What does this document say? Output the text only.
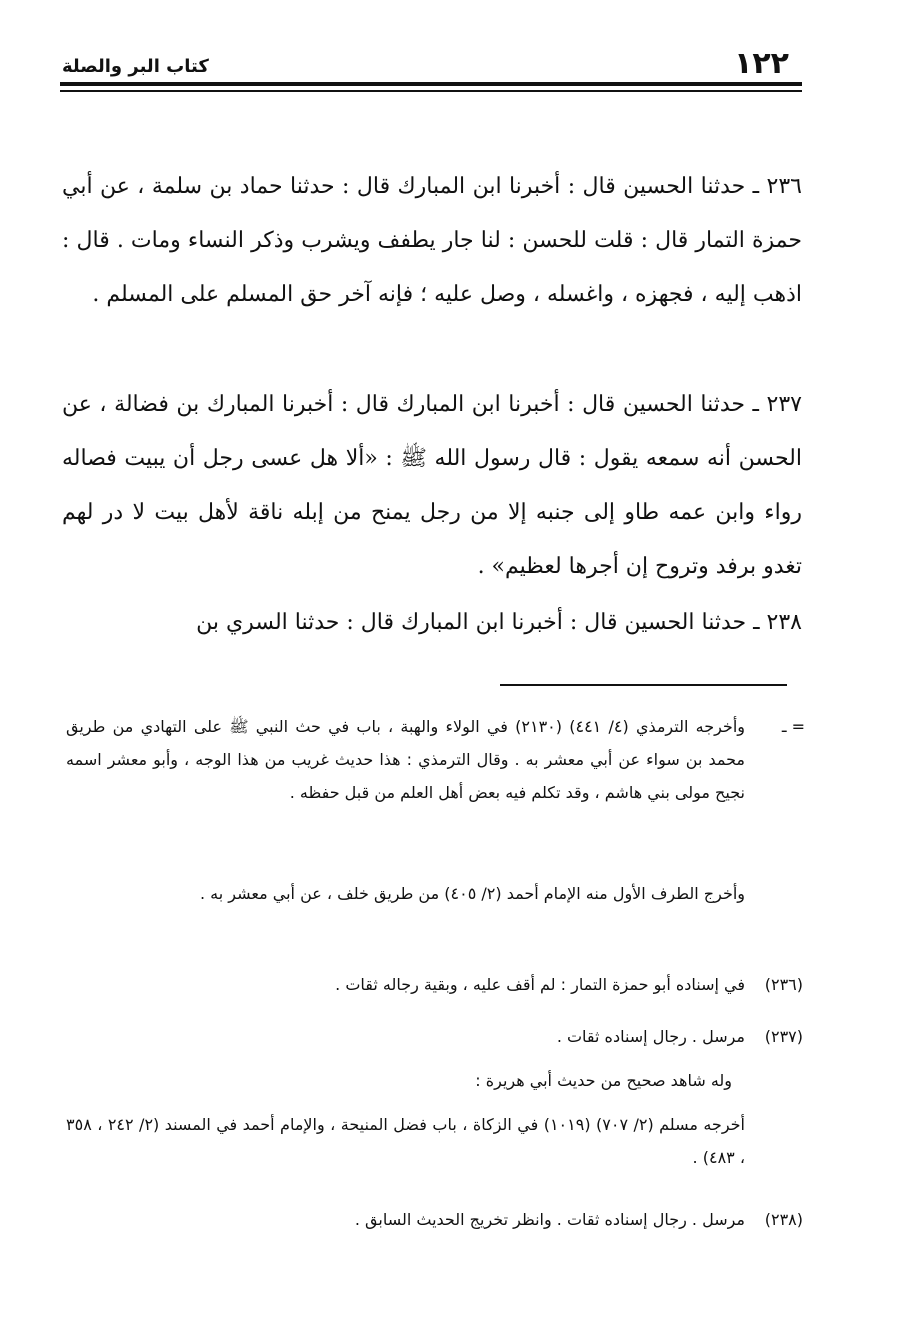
١٢٢
كتاب البر والصلة
٢٣٦ ـ حدثنا الحسين قال : أخبرنا ابن المبارك قال : حدثنا حماد بن سلمة ، عن أبي حمزة التمار قال : قلت للحسن : لنا جار يطفف ويشرب وذكر النساء ومات . قال : اذهب إليه ، فجهزه ، واغسله ، وصل عليه ؛ فإنه آخر حق المسلم على المسلم .
٢٣٧ ـ حدثنا الحسين قال : أخبرنا ابن المبارك قال : أخبرنا المبارك بن فضالة ، عن الحسن أنه سمعه يقول : قال رسول الله ﷺ : «ألا هل عسى رجل أن يبيت فصاله رواء وابن عمه طاو إلى جنبه إلا من رجل يمنح من إبله ناقة لأهل بيت لا در لهم تغدو برفد وتروح إن أجرها لعظيم» .
٢٣٨ ـ حدثنا الحسين قال : أخبرنا ابن المبارك قال : حدثنا السري بن
= ـ
وأخرجه الترمذي (٤/ ٤٤١) (٢١٣٠) في الولاء والهبة ، باب في حث النبي ﷺ على التهادي من طريق محمد بن سواء عن أبي معشر به . وقال الترمذي : هذا حديث غريب من هذا الوجه ، وأبو معشر اسمه نجيح مولى بني هاشم ، وقد تكلم فيه بعض أهل العلم من قبل حفظه .
وأخرج الطرف الأول منه الإمام أحمد (٢/ ٤٠٥) من طريق خلف ، عن أبي معشر به .
(٢٣٦)
في إسناده أبو حمزة التمار : لم أقف عليه ، وبقية رجاله ثقات .
(٢٣٧)
مرسل . رجال إسناده ثقات .
وله شاهد صحيح من حديث أبي هريرة :
أخرجه مسلم (٢/ ٧٠٧) (١٠١٩) في الزكاة ، باب فضل المنيحة ، والإمام أحمد في المسند (٢/ ٢٤٢ ، ٣٥٨ ، ٤٨٣) .
(٢٣٨)
مرسل . رجال إسناده ثقات . وانظر تخريج الحديث السابق .
